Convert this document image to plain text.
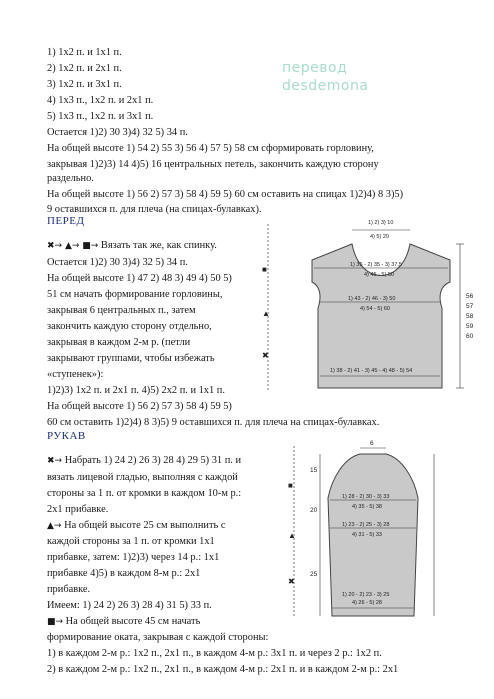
перевод
desdemona
1) 1х2 п. и 1х1 п.
2) 1х2 п. и 2х1 п.
3) 1х2 п. и 3х1 п.
4) 1х3 п., 1х2 п. и 2х1 п.
5) 1х3 п., 1х2 п. и 3х1 п.
Остается 1)2) 30 3)4) 32 5) 34 п.
На общей высоте 1) 54 2) 55 3) 56 4) 57 5) 58 см сформировать горловину,
закрывая 1)2)3) 14 4)5) 16 центральных петель, закончить каждую сторону
раздельно.
На общей высоте 1) 56 2) 57 3) 58 4) 59 5) 60 см оставить на спицах 1)2)4) 8 3)5)
9 оставшихся п. для плеча (на спицах-булавках).
ПЕРЕД
✖→ ▲→ ■→ Вязать так же, как спинку.
Остается 1)2) 30 3)4) 32 5) 34 п.
На общей высоте 1) 47 2) 48 3) 49 4) 50 5)
51 см начать формирование горловины,
закрывая 6 центральных п., затем
закончить каждую сторону отдельно,
закрывая в каждом 2-м р. (петли
закрывают группами, чтобы избежать
«ступенек»):
1)2)3) 1х2 п. и 2х1 п. 4)5) 2х2 п. и 1х1 п.
На общей высоте 1) 56 2) 57 3) 58 4) 59 5)
60 см оставить 1)2)4) 8 3)5) 9 оставшихся п. для плеча на спицах-булавках.
■
▲
✖
1) 2) 3) 10
4) 5) 20
1) 35 - 2) 35 - 3) 37,5
4) 45 - 5) 50
1) 43 - 2) 46 - 3) 50
4) 54 - 5) 60
1) 38 - 2) 41 - 3) 45 - 4) 48 - 5) 54
56
57
58
59
60
РУКАВ
✖→ Набрать 1) 24 2) 26 3) 28 4) 29 5) 31 п. и
вязать лицевой гладью, выполняя с каждой
стороны за 1 п. от кромки в каждом 10-м р.:
2х1 прибавке.
▲→ На общей высоте 25 см выполнить с
каждой стороны за 1 п. от кромки 1х1
прибавке, затем: 1)2)3) через 14 р.: 1х1
прибавке 4)5) в каждом 8-м р.: 2х1
прибавке.
Имеем: 1) 24 2) 26 3) 28 4) 31 5) 33 п.
■→ На общей высоте 45 см начать
формирование оката, закрывая с каждой стороны:
1) в каждом 2-м р.: 1х2 п., 2х1 п., в каждом 4-м р.: 3х1 п. и через 2 р.: 1х2 п.
2) в каждом 2-м р.: 1х2 п., 2х1 п., в каждом 4-м р.: 2х1 п. и в каждом 2-м р.: 2х1
■
▲
✖
6
15
20
25
1) 28 - 2) 30 - 3) 33
4) 35 - 5) 38
1) 23 - 2) 25 - 3) 28
4) 31 - 5) 33
1) 20 - 2) 23 - 3) 25
4) 26 - 5) 28
